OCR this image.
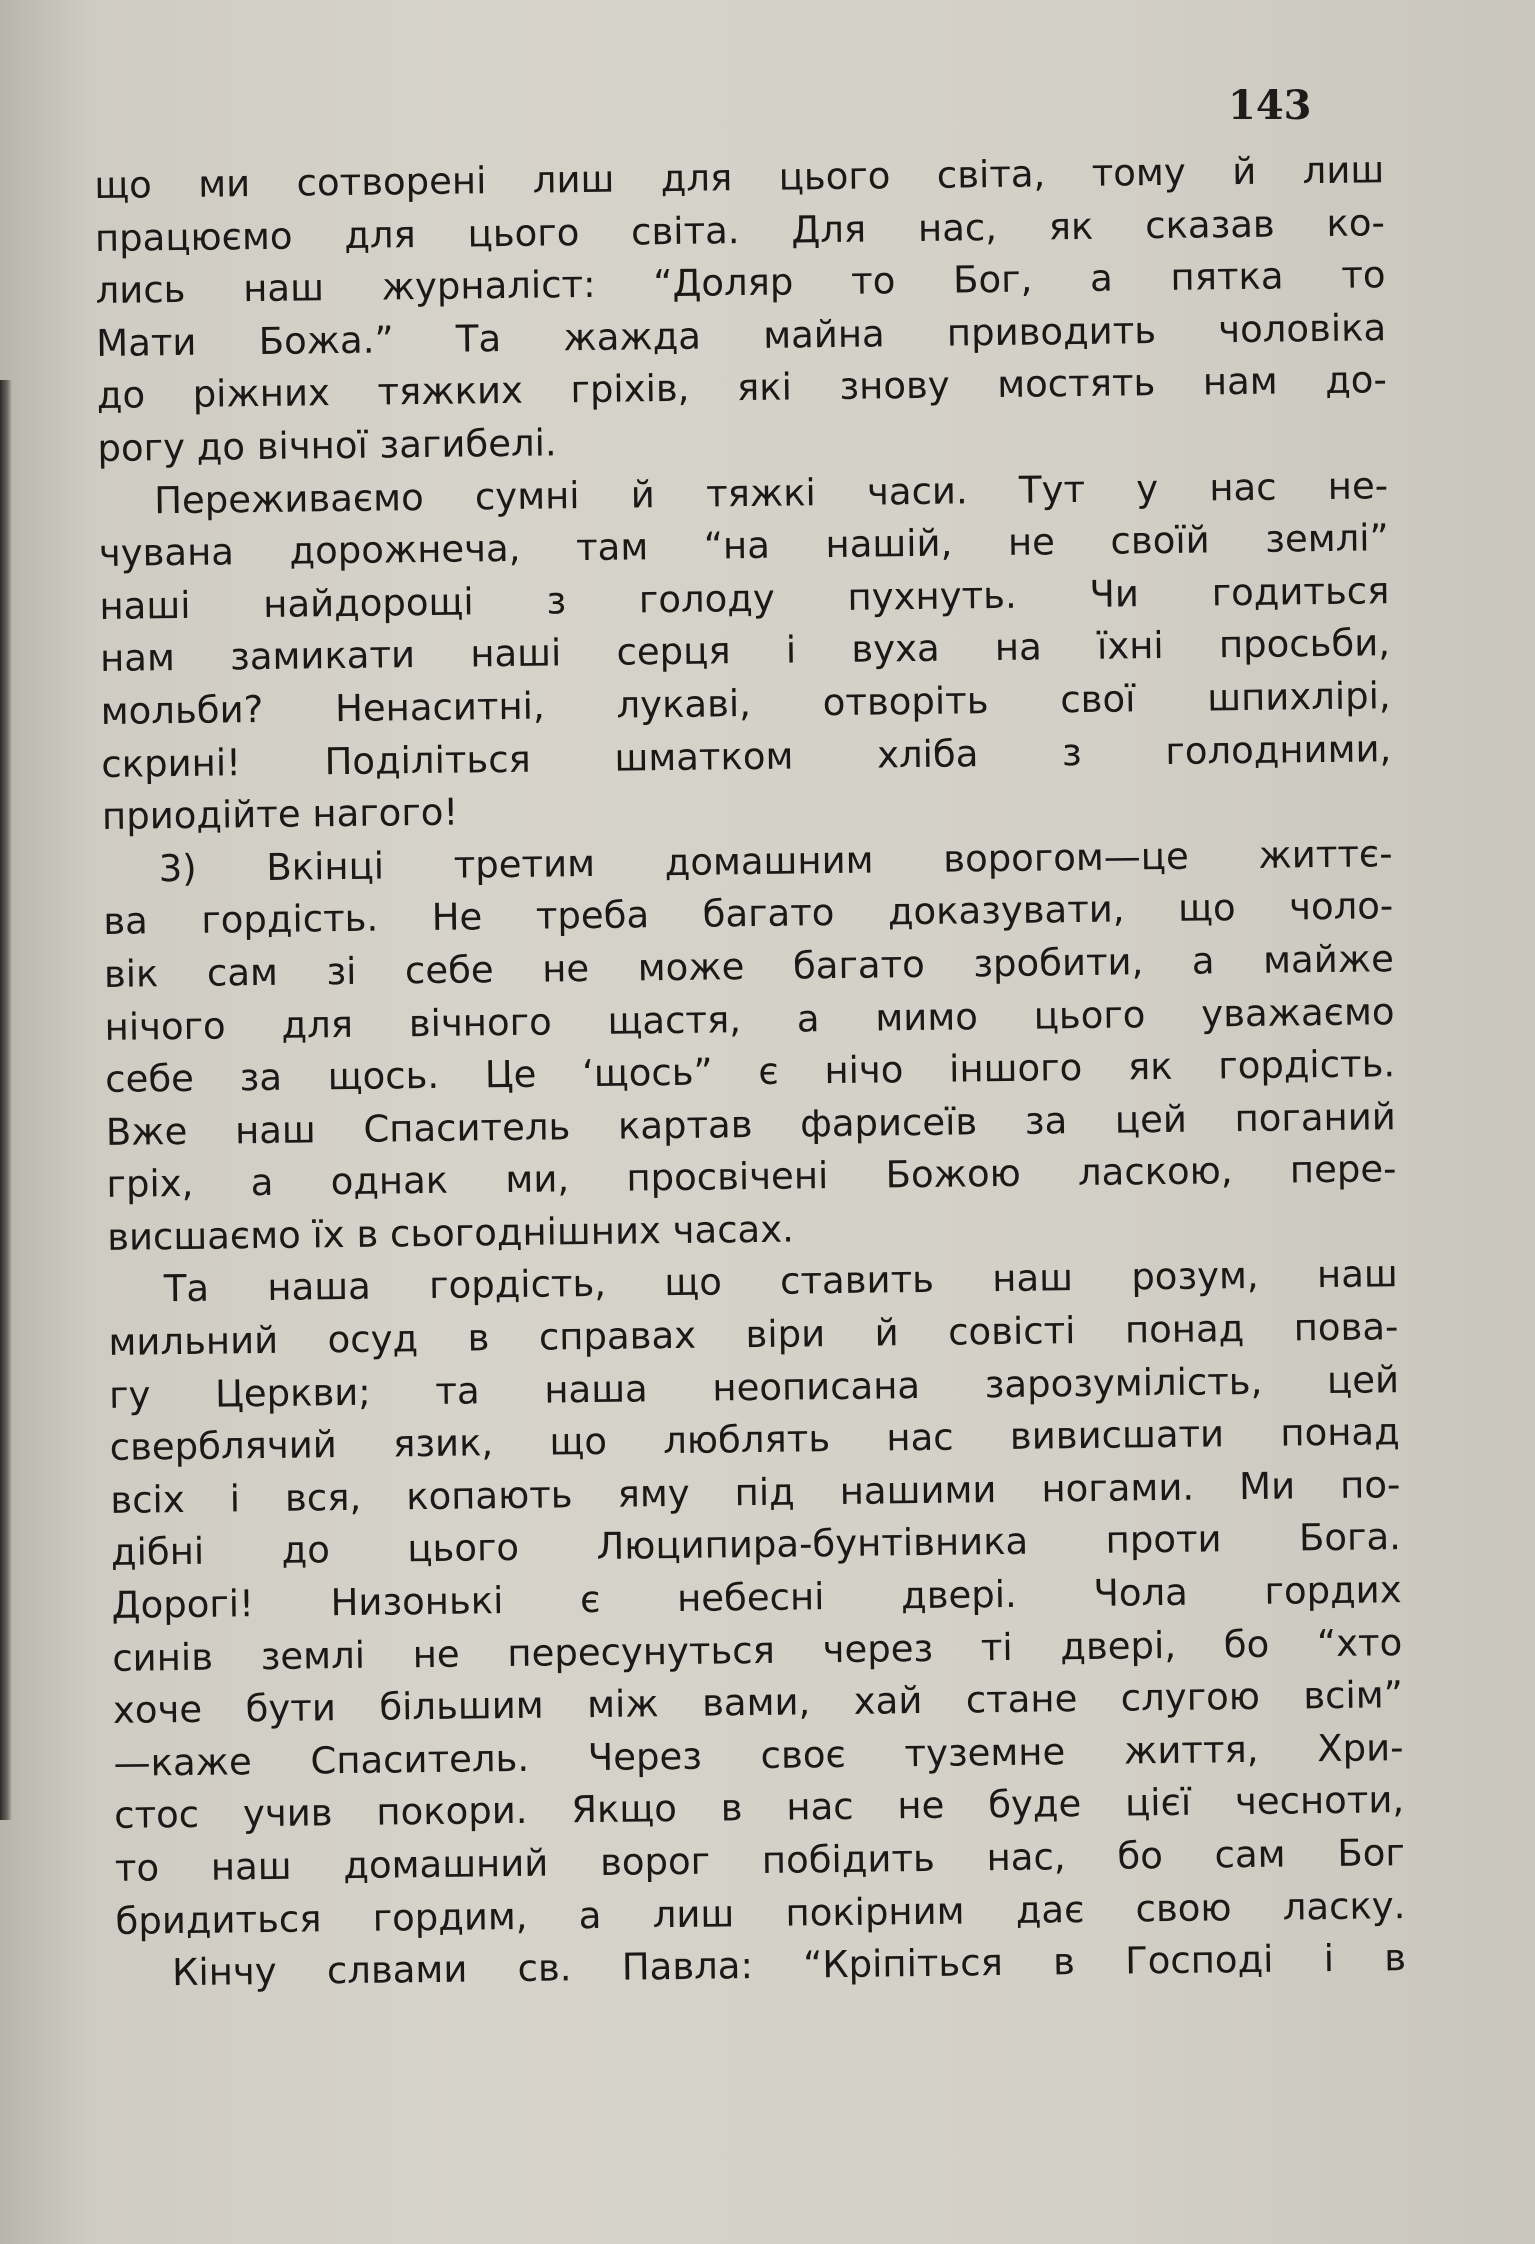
143
що ми сотворені лиш для цього світа, тому й лиш
працюємо для цього світа. Для нас, як сказав ко-
лись наш журналіст: “Доляр то Бог, а пятка то
Мати Божа.” Та жажда майна приводить чоловіка
до ріжних тяжких гріхів, які знову мостять нам до-
рогу до вічної загибелі.
Переживаємо сумні й тяжкі часи. Тут у нас не-
чувана дорожнеча, там “на нашій, не своїй землі”
наші найдорощі з голоду пухнуть. Чи годиться
нам замикати наші серця і вуха на їхні просьби,
мольби? Ненаситні, лукаві, отворіть свої шпихлірі,
скрині! Поділіться шматком хліба з голодними,
приодійте нагого!
3) Вкінці третим домашним ворогом—це життє-
ва гордість. Не треба багато доказувати, що чоло-
вік сам зі себе не може багато зробити, а майже
нічого для вічного щастя, а мимо цього уважаємо
себе за щось. Це ‘щось” є нічо іншого як гордість.
Вже наш Спаситель картав фарисеїв за цей поганий
гріх, а однак ми, просвічені Божою ласкою, пере-
висшаємо їх в сьогоднішних часах.
Та наша гордість, що ставить наш розум, наш
мильний осуд в справах віри й совісті понад пова-
гу Церкви; та наша неописана зарозумілість, цей
сверблячий язик, що люблять нас вивисшати понад
всіх і вся, копають яму під нашими ногами. Ми по-
дібні до цього Люципира-бунтівника проти Бога.
Дорогі! Низонькі є небесні двері. Чола гордих
синів землі не пересунуться через ті двері, бо “хто
хоче бути більшим між вами, хай стане слугою всім”
—каже Спаситель. Через своє туземне життя, Хри-
стос учив покори. Якщо в нас не буде цієї чесноти,
то наш домашний ворог побідить нас, бо сам Бог
бридиться гордим, а лиш покірним дає свою ласку.
Кінчу слвами св. Павла: “Кріпіться в Господі і в
